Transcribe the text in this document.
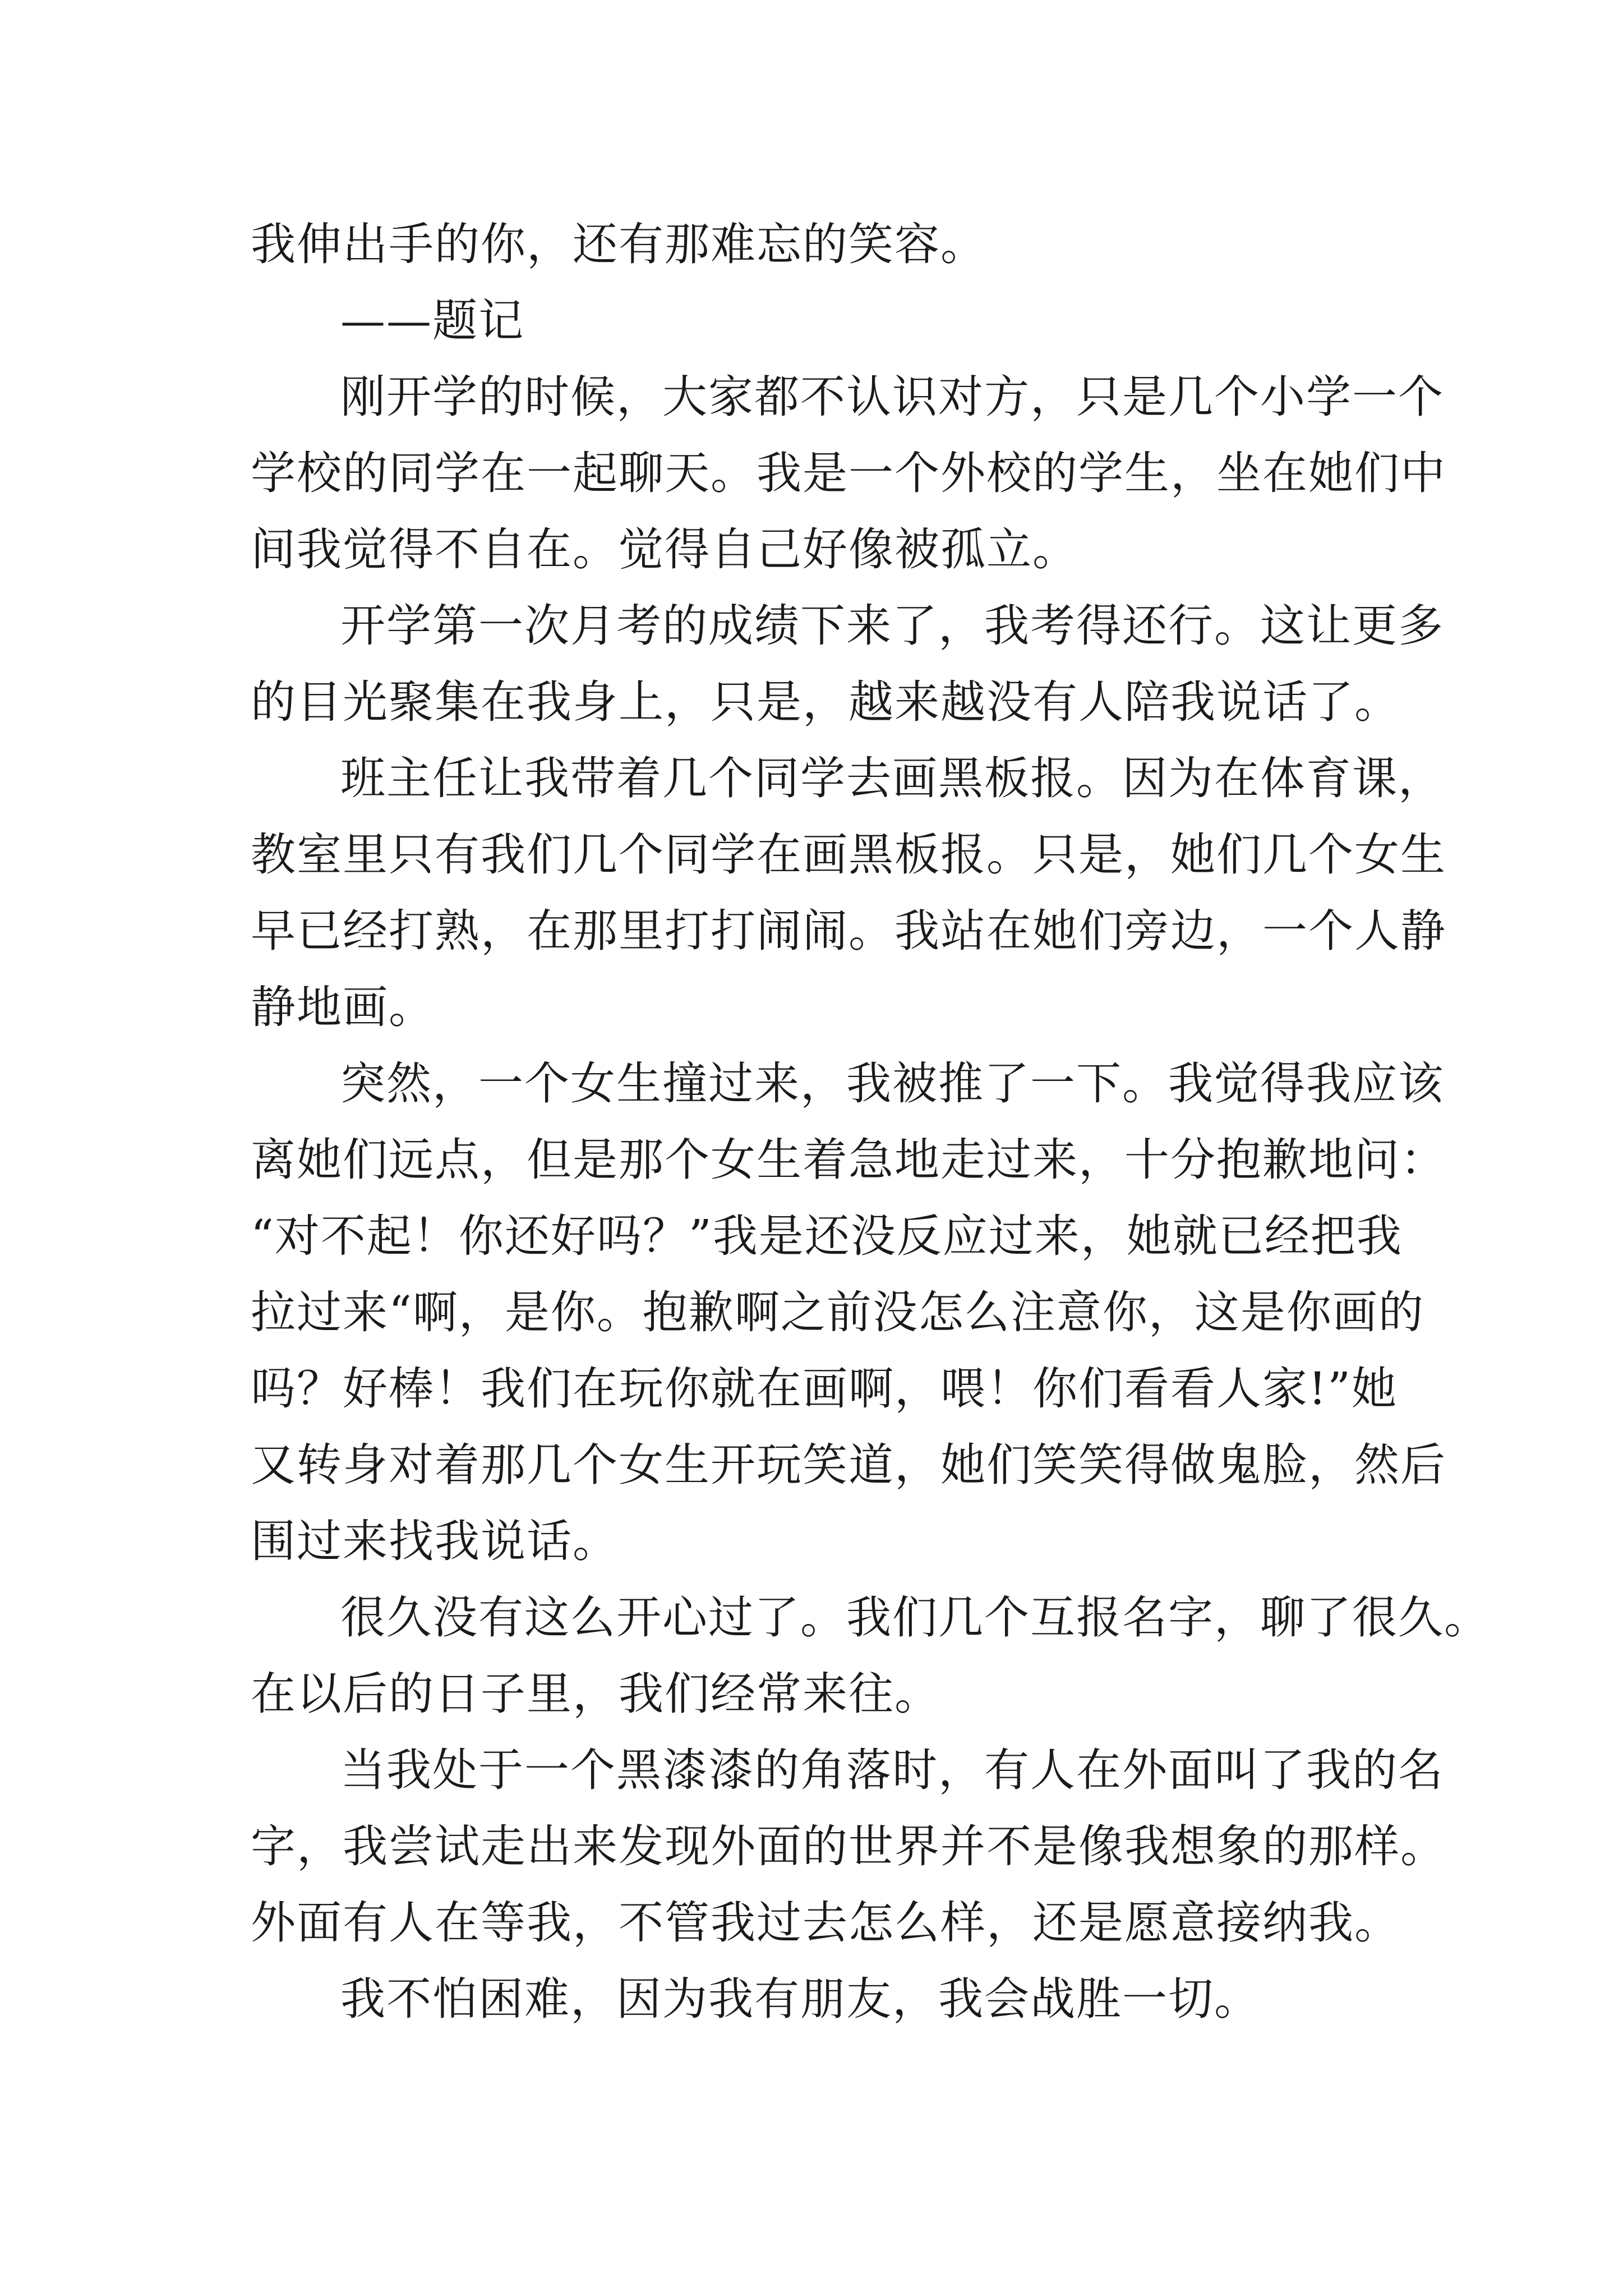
我伸出手的你，还有那难忘的笑容。
——题记
刚开学的时候，大家都不认识对方，只是几个小学一个
学校的同学在一起聊天。我是一个外校的学生，坐在她们中
间我觉得不自在。觉得自己好像被孤立。
开学第一次月考的成绩下来了，我考得还行。这让更多
的目光聚集在我身上，只是，越来越没有人陪我说话了。
班主任让我带着几个同学去画黑板报。因为在体育课，
教室里只有我们几个同学在画黑板报。只是，她们几个女生
早已经打熟，在那里打打闹闹。我站在她们旁边，一个人静
静地画。
突然，一个女生撞过来，我被推了一下。我觉得我应该
离她们远点，但是那个女生着急地走过来，十分抱歉地问：
“对不起！你还好吗？”我是还没反应过来，她就已经把我
拉过来“啊，是你。抱歉啊之前没怎么注意你，这是你画的
吗？好棒！我们在玩你就在画啊，喂！你们看看人家!”她
又转身对着那几个女生开玩笑道，她们笑笑得做鬼脸，然后
围过来找我说话。
很久没有这么开心过了。我们几个互报名字，聊了很久。
在以后的日子里，我们经常来往。
当我处于一个黑漆漆的角落时，有人在外面叫了我的名
字，我尝试走出来发现外面的世界并不是像我想象的那样。
外面有人在等我，不管我过去怎么样，还是愿意接纳我。
我不怕困难，因为我有朋友，我会战胜一切。
